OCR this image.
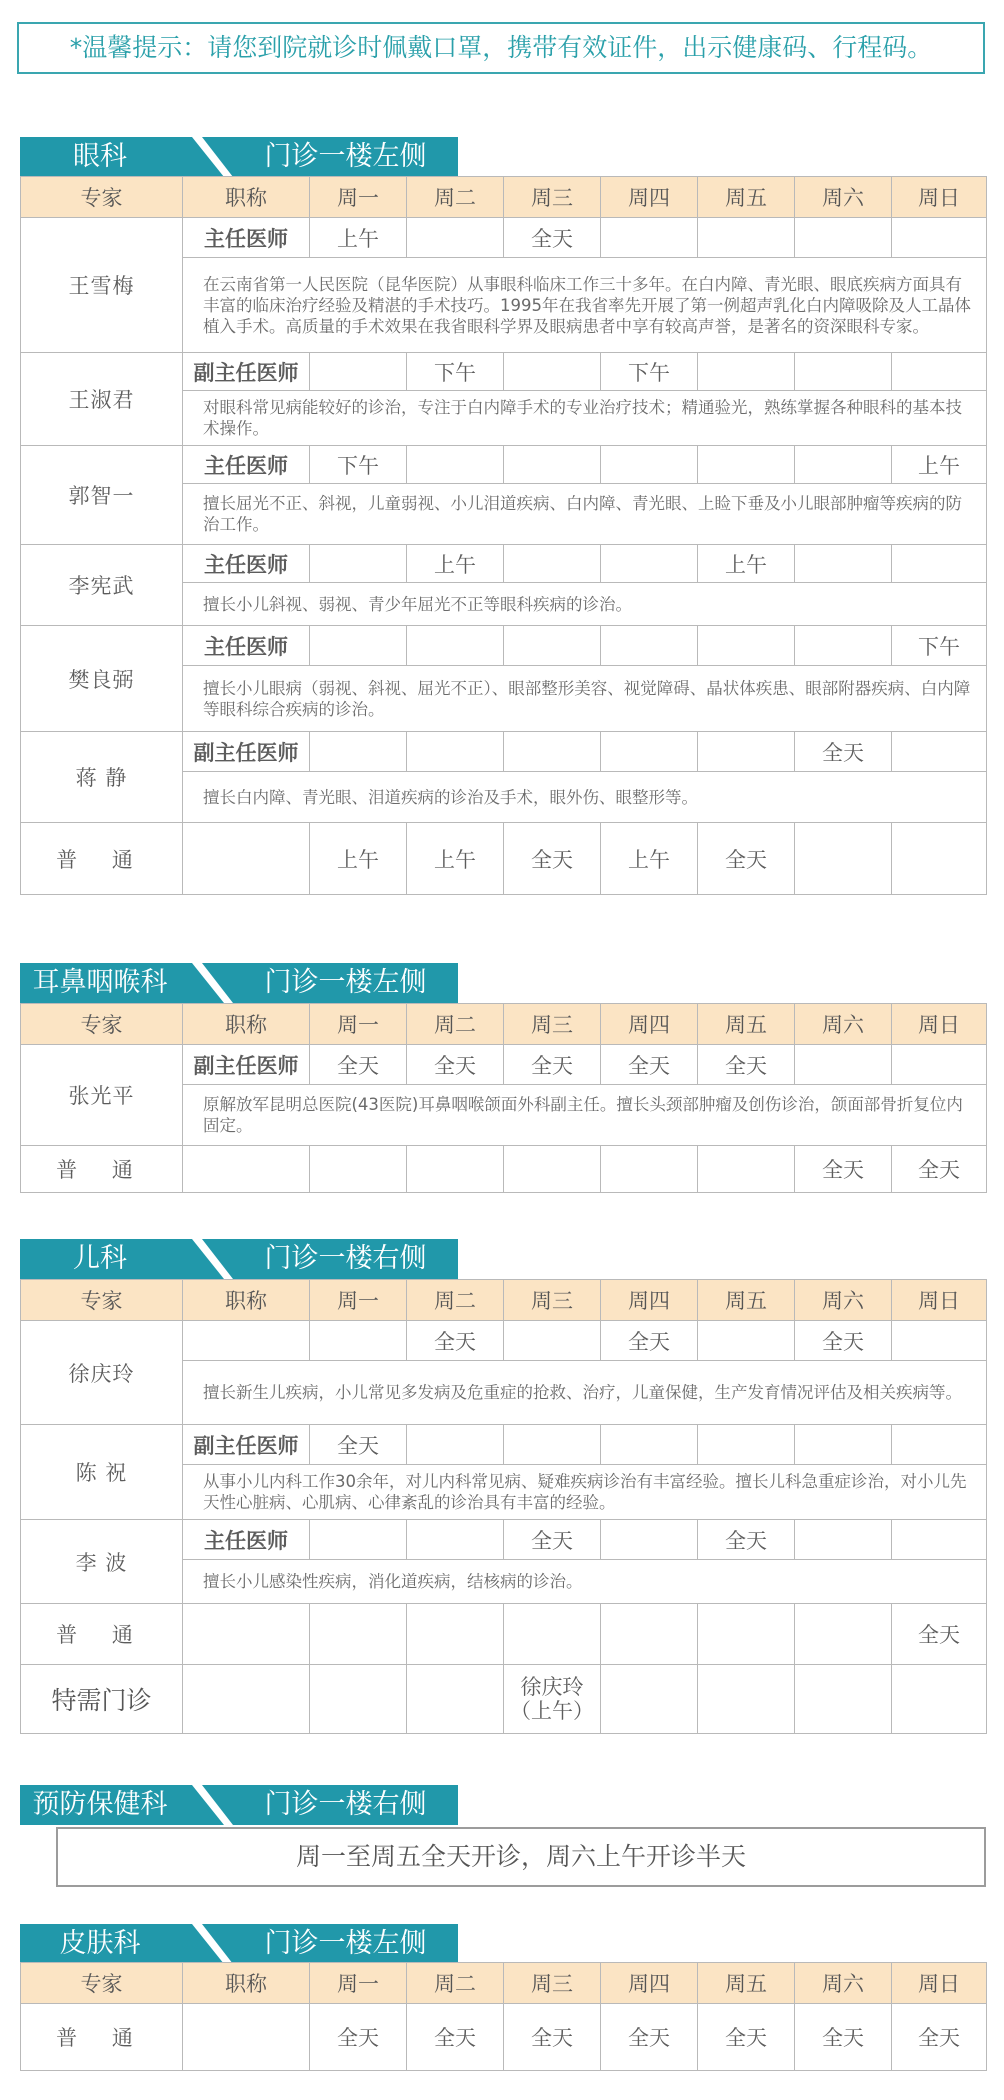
*温馨提示：请您到院就诊时佩戴口罩，携带有效证件，出示健康码、行程码。
眼科	门诊一楼左侧
专家	职称	周一	周二	周三	周四	周五	周六	周日
王雪梅	主任医师	上午		全天				
	在云南省第一人民医院（昆华医院）从事眼科临床工作三十多年。在白内障、青光眼、眼底疾病方面具有丰富的临床治疗经验及精湛的手术技巧。1995年在我省率先开展了第一例超声乳化白内障吸除及人工晶体植入手术。高质量的手术效果在我省眼科学界及眼病患者中享有较高声誉，是著名的资深眼科专家。							
王淑君	副主任医师		下午		下午			
	对眼科常见病能较好的诊治，专注于白内障手术的专业治疗技术；精通验光，熟练掌握各种眼科的基本技术操作。							
郭智一	主任医师	下午						上午
	擅长屈光不正、斜视，儿童弱视、小儿泪道疾病、白内障、青光眼、上睑下垂及小儿眼部肿瘤等疾病的防治工作。							
李宪武	主任医师		上午			上午		
	擅长小儿斜视、弱视、青少年屈光不正等眼科疾病的诊治。							
樊良弼	主任医师							下午
	擅长小儿眼病（弱视、斜视、屈光不正）、眼部整形美容、视觉障碍、晶状体疾患、眼部附器疾病、白内障等眼科综合疾病的诊治。							
蒋 静	副主任医师						全天	
	擅长白内障、青光眼、泪道疾病的诊治及手术，眼外伤、眼整形等。							
普 通		上午	上午	全天	上午	全天		
耳鼻咽喉科	门诊一楼左侧
专家	职称	周一	周二	周三	周四	周五	周六	周日
张光平	副主任医师	全天	全天	全天	全天	全天		
	原解放军昆明总医院(43医院)耳鼻咽喉颌面外科副主任。擅长头颈部肿瘤及创伤诊治，颌面部骨折复位内固定。							
普 通							全天	全天
儿科	门诊一楼右侧
专家	职称	周一	周二	周三	周四	周五	周六	周日
徐庆玲			全天		全天		全天	
	擅长新生儿疾病，小儿常见多发病及危重症的抢救、治疗，儿童保健，生产发育情况评估及相关疾病等。							
陈 祝	副主任医师	全天						
	从事小儿内科工作30余年，对儿内科常见病、疑难疾病诊治有丰富经验。擅长儿科急重症诊治，对小儿先天性心脏病、心肌病、心律紊乱的诊治具有丰富的经验。							
李 波	主任医师			全天		全天		
	擅长小儿感染性疾病，消化道疾病，结核病的诊治。							
普 通								全天
特需门诊				徐庆玲
（上午）				
预防保健科	门诊一楼右侧
周一至周五全天开诊，周六上午开诊半天
皮肤科	门诊一楼左侧
专家	职称	周一	周二	周三	周四	周五	周六	周日
普 通		全天	全天	全天	全天	全天	全天	全天
